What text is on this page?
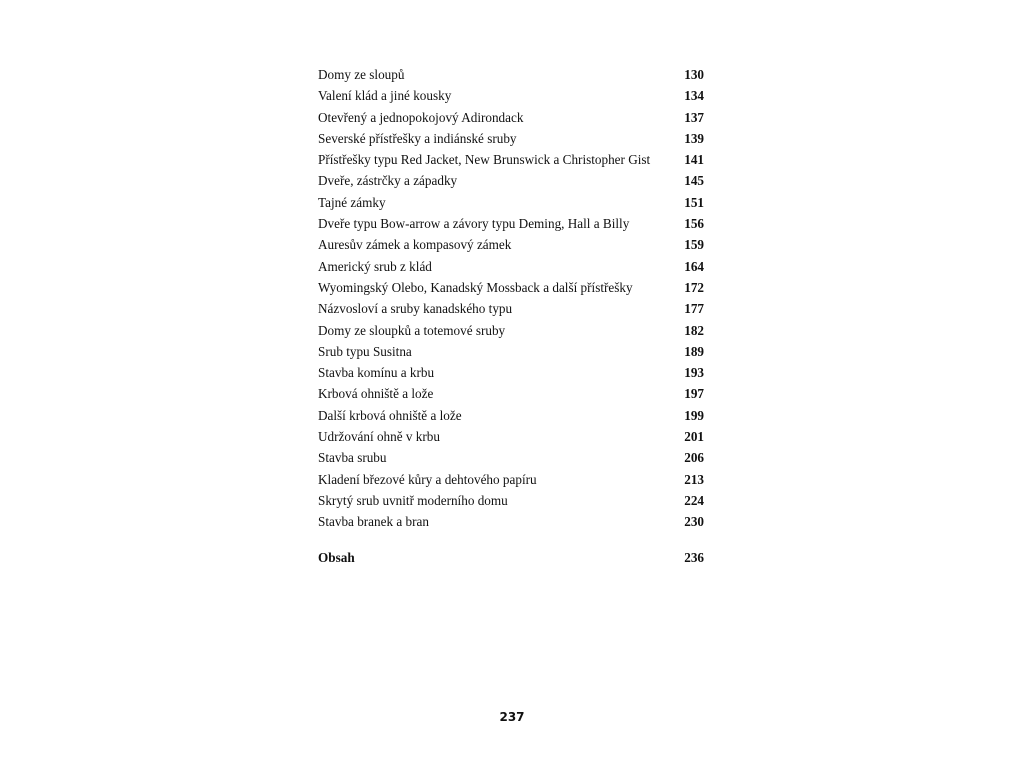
Domy ze sloupů	130
Valení klád a jiné kousky	134
Otevřený a jednopokojový Adirondack	137
Severské přístřešky a indiánské sruby	139
Přístřešky typu Red Jacket, New Brunswick a Christopher Gist	141
Dveře, zástrčky a západky	145
Tajné zámky	151
Dveře typu Bow-arrow a závory typu Deming, Hall a Billy	156
Auresův zámek a kompasový zámek	159
Americký srub z klád	164
Wyomingský Olebo, Kanadský Mossback a další přístřešky	172
Názvosloví a sruby kanadského typu	177
Domy ze sloupků a totemové sruby	182
Srub typu Susitna	189
Stavba komínu a krbu	193
Krbová ohniště a lože	197
Další krbová ohniště a lože	199
Udržování ohně v krbu	201
Stavba srubu	206
Kladení březové kůry a dehtového papíru	213
Skrytý srub uvnitř moderního domu	224
Stavba branek a bran	230
Obsah	236
237
